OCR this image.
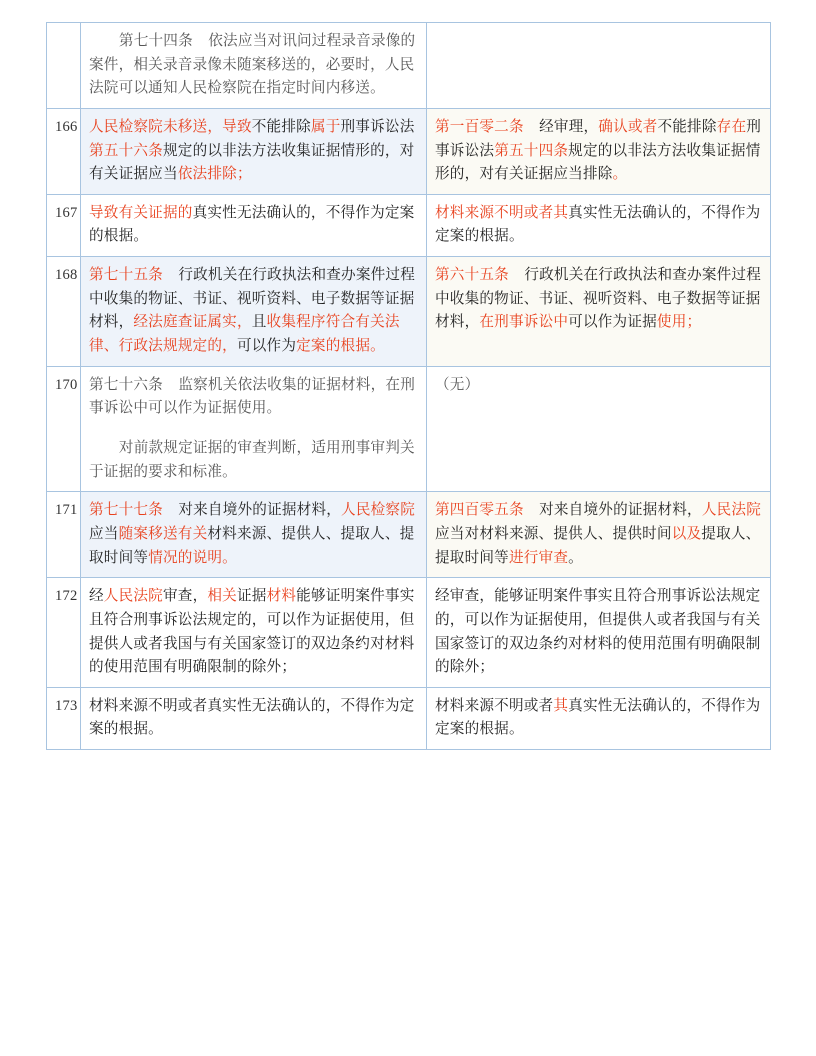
	第七十四条 依法应当对讯问过程录音录像的案件，相关录音录像未随案移送的，必要时，人民法院可以通知人民检察院在指定时间内移送。	

166	人民检察院未移送，导致不能排除属于刑事诉讼法第五十六条规定的以非法方法收集证据情形的，对有关证据应当依法排除；	第一百零二条 经审理，确认或者不能排除存在刑事诉讼法第五十四条规定的以非法方法收集证据情形的，对有关证据应当排除。

167	导致有关证据的真实性无法确认的，不得作为定案的根据。	材料来源不明或者其真实性无法确认的，不得作为定案的根据。

168	第七十五条 行政机关在行政执法和查办案件过程中收集的物证、书证、视听资料、电子数据等证据材料，经法庭查证属实，且收集程序符合有关法律、行政法规规定的，可以作为定案的根据。	第六十五条 行政机关在行政执法和查办案件过程中收集的物证、书证、视听资料、电子数据等证据材料，在刑事诉讼中可以作为证据使用；

170	第七十六条 监察机关依法收集的证据材料，在刑事诉讼中可以作为证据使用。

对前款规定证据的审查判断，适用刑事审判关于证据的要求和标准。	（无）

171	第七十七条 对来自境外的证据材料，人民检察院应当随案移送有关材料来源、提供人、提取人、提取时间等情况的说明。	第四百零五条 对来自境外的证据材料，人民法院应当对材料来源、提供人、提供时间以及提取人、提取时间等进行审查。

172	经人民法院审查，相关证据材料能够证明案件事实且符合刑事诉讼法规定的，可以作为证据使用，但提供人或者我国与有关国家签订的双边条约对材料的使用范围有明确限制的除外；	经审查，能够证明案件事实且符合刑事诉讼法规定的，可以作为证据使用，但提供人或者我国与有关国家签订的双边条约对材料的使用范围有明确限制的除外；

173	材料来源不明或者真实性无法确认的，不得作为定案的根据。	材料来源不明或者其真实性无法确认的，不得作为定案的根据。
